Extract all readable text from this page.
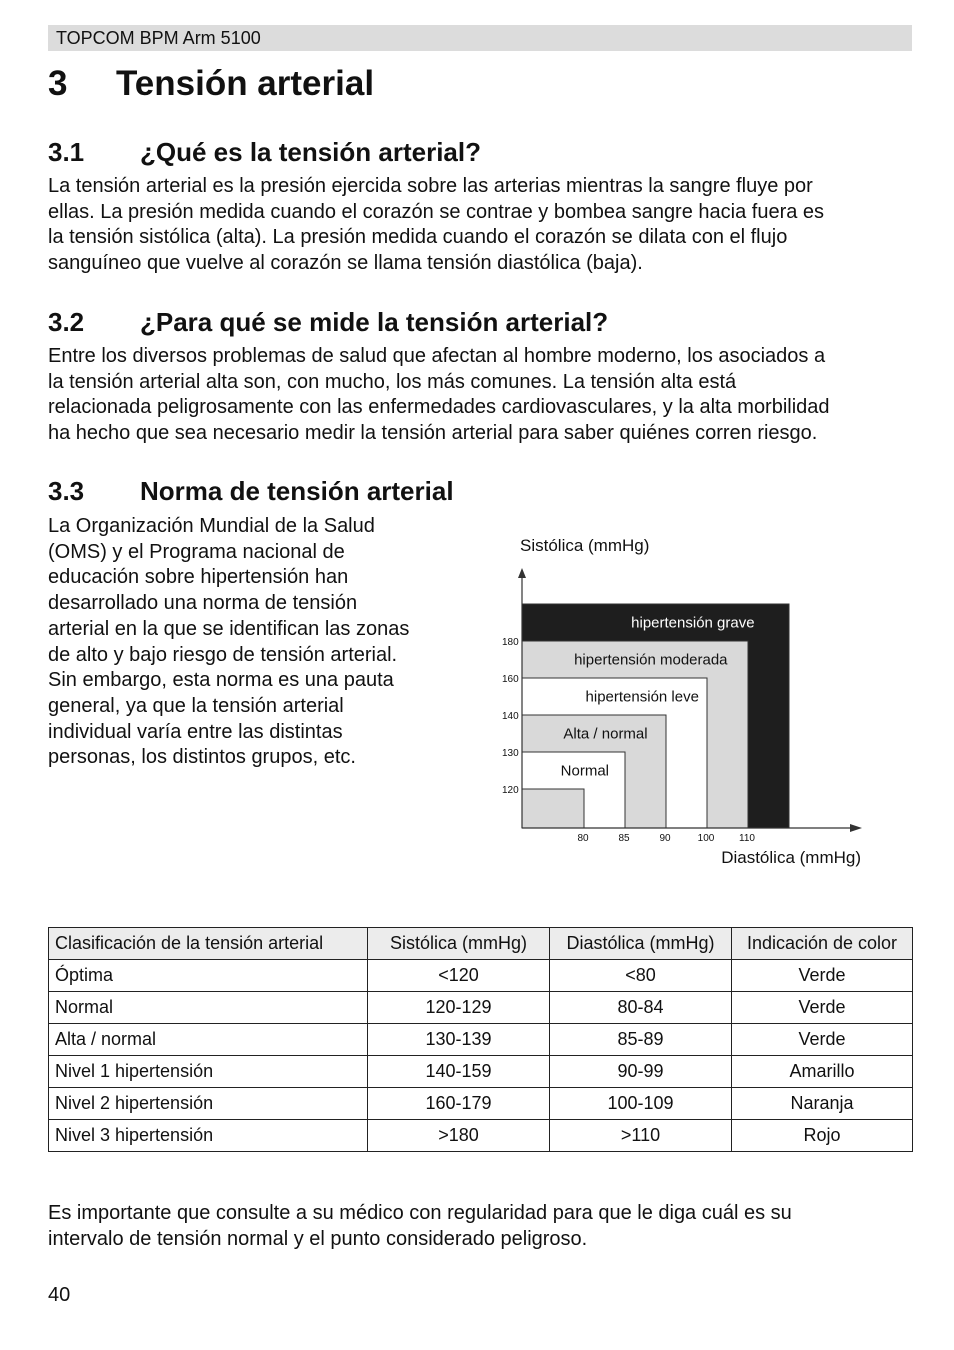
TOPCOM BPM Arm 5100
3 Tensión arterial
3.1 ¿Qué es la tensión arterial?
La tensión arterial es la presión ejercida sobre las arterias mientras la sangre fluye por
ellas. La presión medida cuando el corazón se contrae y bombea sangre hacia fuera es
la tensión sistólica (alta). La presión medida cuando el corazón se dilata con el flujo
sanguíneo que vuelve al corazón se llama tensión diastólica (baja).
3.2 ¿Para qué se mide la tensión arterial?
Entre los diversos problemas de salud que afectan al hombre moderno, los asociados a
la tensión arterial alta son, con mucho, los más comunes. La tensión alta está
relacionada peligrosamente con las enfermedades cardiovasculares, y la alta morbilidad
ha hecho que sea necesario medir la tensión arterial para saber quiénes corren riesgo.
3.3 Norma de tensión arterial
La Organización Mundial de la Salud
(OMS) y el Programa nacional de
educación sobre hipertensión han
desarrollado una norma de tensión
arterial en la que se identifican las zonas
de alto y bajo riesgo de tensión arterial.
Sin embargo, esta norma es una pauta
general, ya que la tensión arterial
individual varía entre las distintas
personas, los distintos grupos, etc.
Sistólica (mmHg)
Diastólica (mmHg)
hipertensión grave
hipertensión moderada
hipertensión leve
Alta / normal
Normal
120
130
140
160
180
80	85	90	100 110
Clasificación de la tensión arterial	Sistólica (mmHg)	Diastólica (mmHg)	Indicación de color
Óptima	<120	<80	Verde
Normal	120-129	80-84	Verde
Alta / normal	130-139	85-89	Verde
Nivel 1 hipertensión	140-159	90-99	Amarillo
Nivel 2 hipertensión	160-179	100-109	Naranja
Nivel 3 hipertensión	>180	>110	Rojo
Es importante que consulte a su médico con regularidad para que le diga cuál es su
intervalo de tensión normal y el punto considerado peligroso.
40
